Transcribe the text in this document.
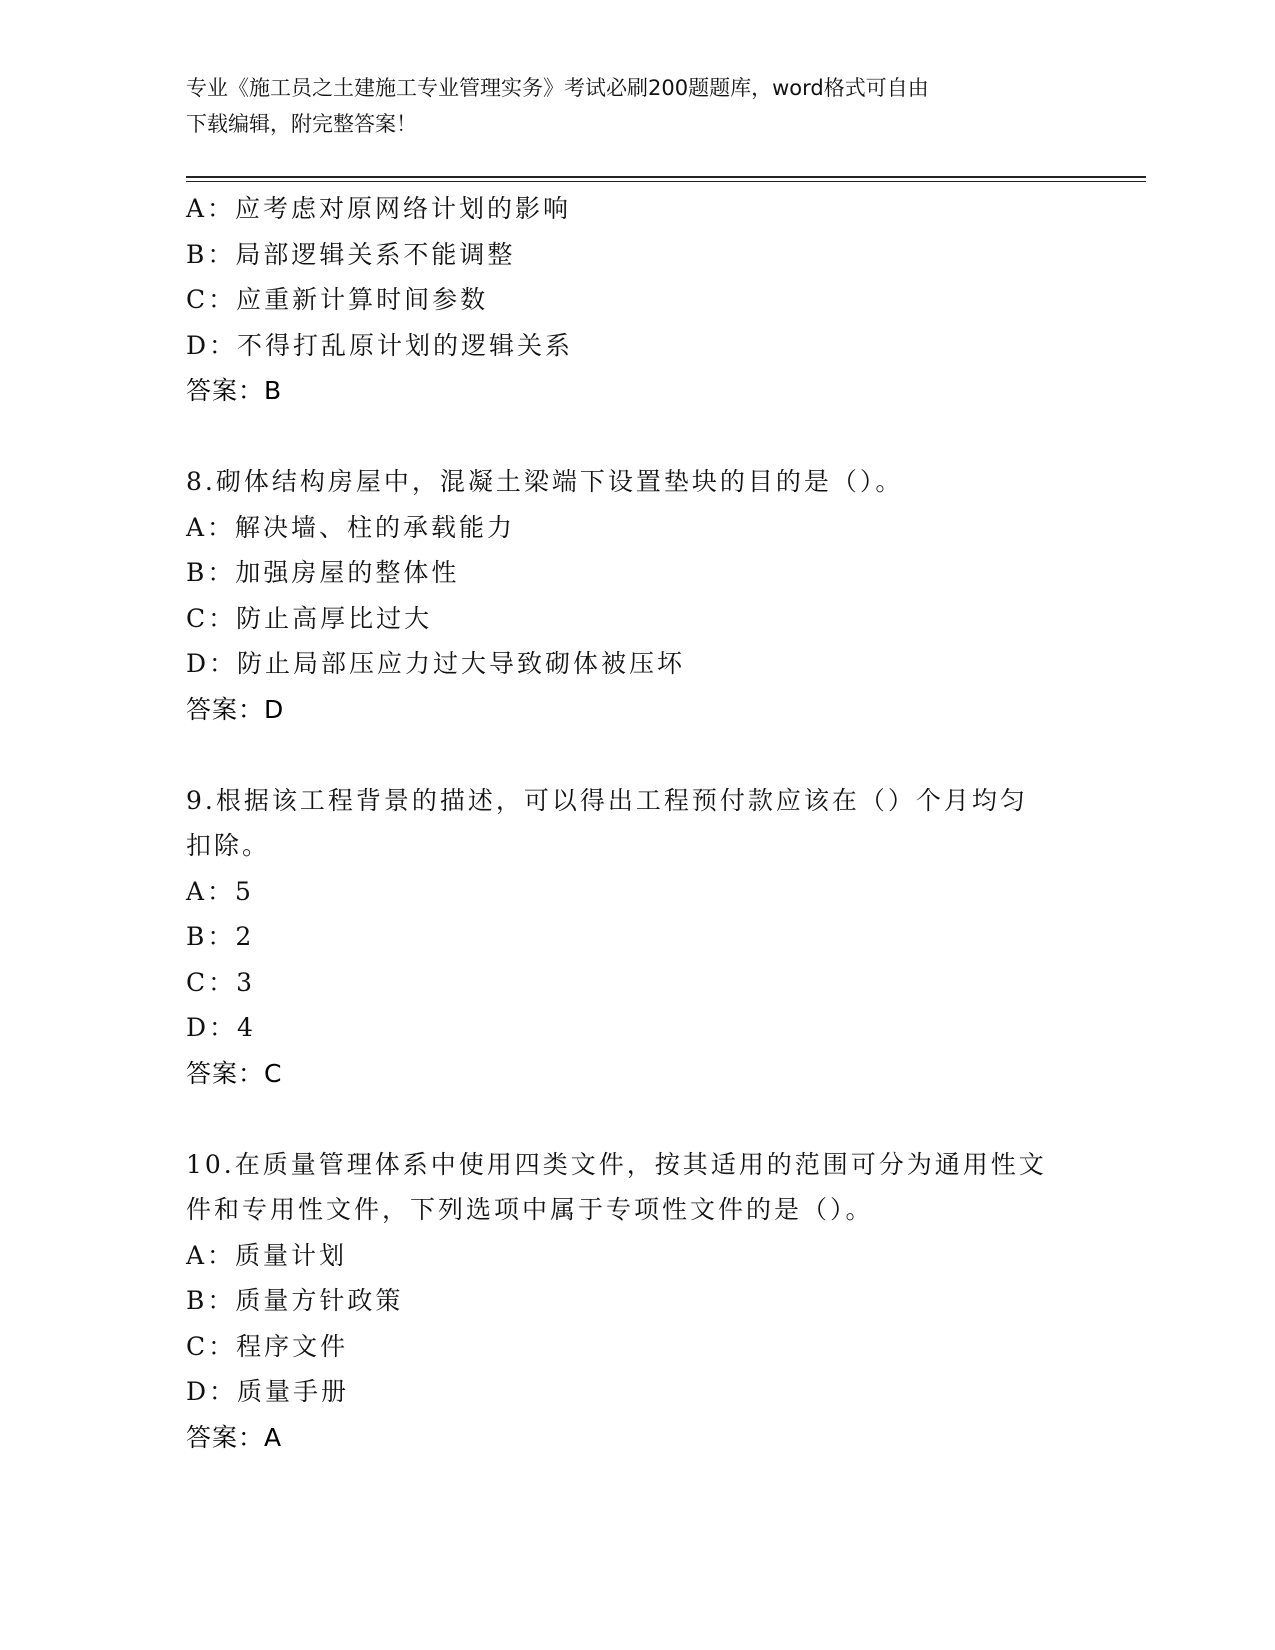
专业《施工员之土建施工专业管理实务》考试必刷200题题库，word格式可自由
下载编辑，附完整答案！
A：应考虑对原网络计划的影响
B：局部逻辑关系不能调整
C：应重新计算时间参数
D：不得打乱原计划的逻辑关系
答案：B
8.砌体结构房屋中，混凝土梁端下设置垫块的目的是（）。
A：解决墙、柱的承载能力
B：加强房屋的整体性
C：防止高厚比过大
D：防止局部压应力过大导致砌体被压坏
答案：D
9.根据该工程背景的描述，可以得出工程预付款应该在（）个月均匀
扣除。
A：5
B：2
C：3
D：4
答案：C
10.在质量管理体系中使用四类文件，按其适用的范围可分为通用性文
件和专用性文件，下列选项中属于专项性文件的是（）。
A：质量计划
B：质量方针政策
C：程序文件
D：质量手册
答案：A
